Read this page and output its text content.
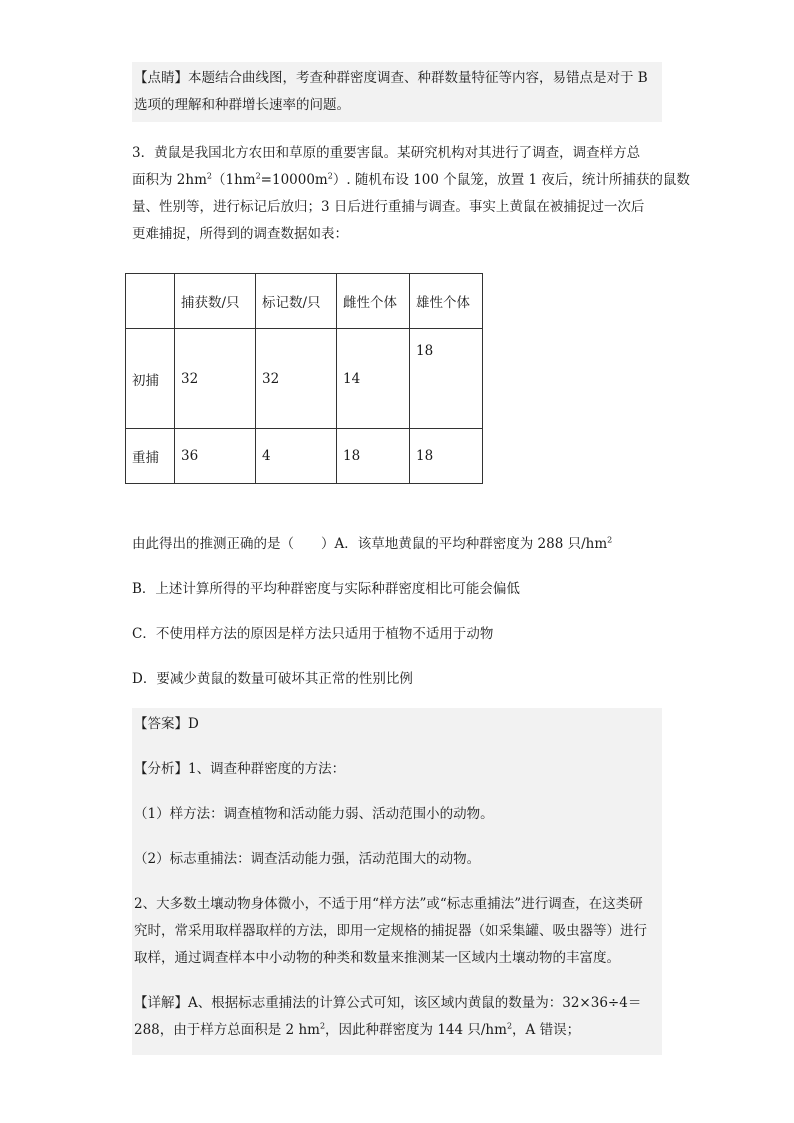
【点睛】本题结合曲线图，考查种群密度调查、种群数量特征等内容，易错点是对于 B
选项的理解和种群增长速率的问题。
3．黄鼠是我国北方农田和草原的重要害鼠。某研究机构对其进行了调查，调查样方总
面积为 $2hm^2(1hm^2=10000m^2)$. 随机布设 100 个鼠笼，放置 1 夜后，统计所捕获的鼠数
量、性别等，进行标记后放归；3 日后进行重捕与调查。事实上黄鼠在被捕捉过一次后
更难捕捉，所得到的调查数据如表：
	捕获数/只	标记数/只	雌性个体	雄性个体
初捕	32	32	14	18
重捕	36	4	18	18
由此得出的推测正确的是（　　）A．该草地黄鼠的平均种群密度为 288 只$/hm^2$
B．上述计算所得的平均种群密度与实际种群密度相比可能会偏低
C．不使用样方法的原因是样方法只适用于植物不适用于动物
D．要减少黄鼠的数量可破坏其正常的性别比例
【答案】D
【分析】1、调查种群密度的方法：
（1）样方法：调查植物和活动能力弱、活动范围小的动物。
（2）标志重捕法：调查活动能力强，活动范围大的动物。
2、大多数土壤动物身体微小，不适于用“样方法”或“标志重捕法”进行调查，在这类研
究时，常采用取样器取样的方法，即用一定规格的捕捉器（如采集罐、吸虫器等）进行
取样，通过调查样本中小动物的种类和数量来推测某一区域内土壤动物的丰富度。
【详解】A、根据标志重捕法的计算公式可知，该区域内黄鼠的数量为：32×36÷4＝
288，由于样方总面积是 2 $hm^2$，因此种群密度为 144 只$/hm^2$，A 错误；
